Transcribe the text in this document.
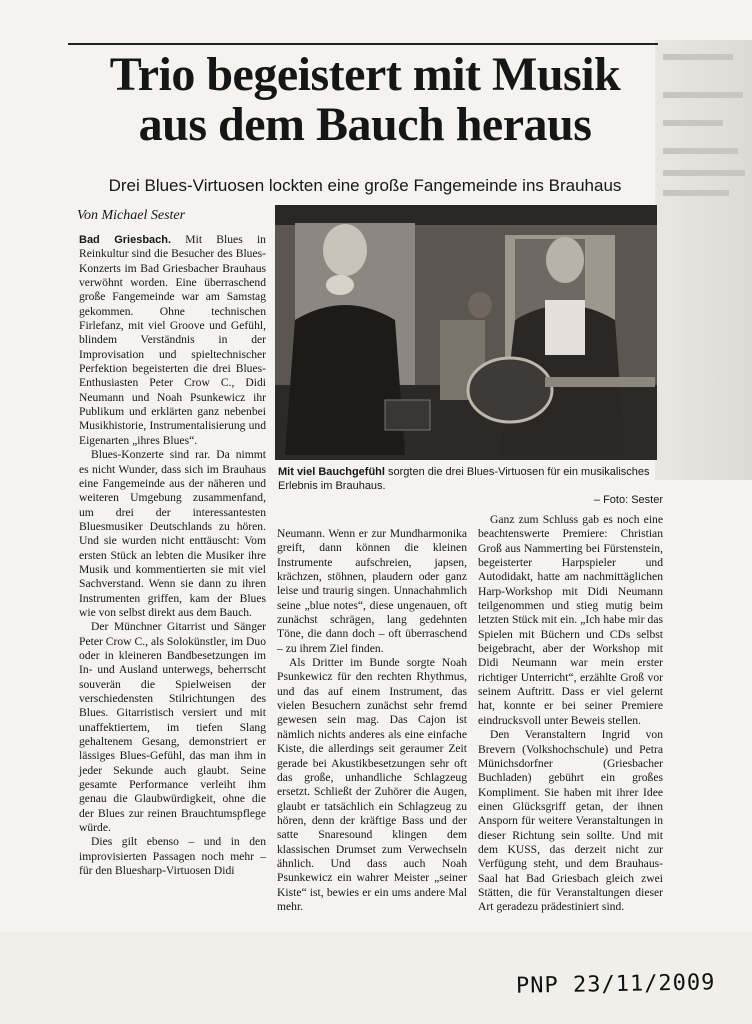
Trio begeistert mit Musik
aus dem Bauch heraus

Drei Blues-Virtuosen lockten eine große Fangemeinde ins Brauhaus

Von Michael Sester

Bad Griesbach. Mit Blues in Reinkultur sind die Besucher des Blues-Konzerts im Bad Griesbacher Brauhaus verwöhnt worden. Eine überraschend große Fangemeinde war am Samstag gekommen. Ohne technischen Firlefanz, mit viel Groove und Gefühl, blindem Verständnis in der Improvisation und spieltechnischer Perfektion begeisterten die drei Blues-Enthusiasten Peter Crow C., Didi Neumann und Noah Psunkewicz ihr Publikum und erklärten ganz nebenbei Musikhistorie, Instrumentalisierung und Eigenarten „ihres Blues“.

Blues-Konzerte sind rar. Da nimmt es nicht Wunder, dass sich im Brauhaus eine Fangemeinde aus der näheren und weiteren Umgebung zusammenfand, um drei der interessantesten Bluesmusiker Deutschlands zu hören. Und sie wurden nicht enttäuscht: Vom ersten Stück an lebten die Musiker ihre Musik und kommentierten sie mit viel Sachverstand. Wenn sie dann zu ihren Instrumenten griffen, kam der Blues wie von selbst direkt aus dem Bauch.

Der Münchner Gitarrist und Sänger Peter Crow C., als Solokünstler, im Duo oder in kleineren Bandbesetzungen im In- und Ausland unterwegs, beherrscht souverän die Spielweisen der verschiedensten Stilrichtungen des Blues. Gitarristisch versiert und mit unaffektiertem, im tiefen Slang gehaltenem Gesang, demonstriert er lässiges Blues-Gefühl, das man ihm in jeder Sekunde auch glaubt. Seine gesamte Performance verleiht ihm genau die Glaubwürdigkeit, ohne die der Blues zur reinen Brauchtumspflege würde.

Dies gilt ebenso – und in den improvisierten Passagen noch mehr – für den Bluesharp-Virtuosen Didi

Mit viel Bauchgefühl sorgten die drei Blues-Virtuosen für ein musikalisches Erlebnis im Brauhaus.
– Foto: Sester

Neumann. Wenn er zur Mundharmonika greift, dann können die kleinen Instrumente aufschreien, japsen, krächzen, stöhnen, plaudern oder ganz leise und traurig singen. Unnachahmlich seine „blue notes“, diese ungenauen, oft zunächst schrägen, lang gedehnten Töne, die dann doch – oft überraschend – zu ihrem Ziel finden.

Als Dritter im Bunde sorgte Noah Psunkewicz für den rechten Rhythmus, und das auf einem Instrument, das vielen Besuchern zunächst sehr fremd gewesen sein mag. Das Cajon ist nämlich nichts anderes als eine einfache Kiste, die allerdings seit geraumer Zeit gerade bei Akustikbesetzungen sehr oft das große, unhandliche Schlagzeug ersetzt. Schließt der Zuhörer die Augen, glaubt er tatsächlich ein Schlagzeug zu hören, denn der kräftige Bass und der satte Snaresound klingen dem klassischen Drumset zum Verwechseln ähnlich. Und dass auch Noah Psunkewicz ein wahrer Meister „seiner Kiste“ ist, bewies er ein ums andere Mal mehr.

Ganz zum Schluss gab es noch eine beachtenswerte Premiere: Christian Groß aus Nammerting bei Fürstenstein, begeisterter Harpspieler und Autodidakt, hatte am nachmittäglichen Harp-Workshop mit Didi Neumann teilgenommen und stieg mutig beim letzten Stück mit ein. „Ich habe mir das Spielen mit Büchern und CDs selbst beigebracht, aber der Workshop mit Didi Neumann war mein erster richtiger Unterricht“, erzählte Groß vor seinem Auftritt. Dass er viel gelernt hat, konnte er bei seiner Premiere eindrucksvoll unter Beweis stellen.

Den Veranstaltern Ingrid von Brevern (Volkshochschule) und Petra Münichsdorfner (Griesbacher Buchladen) gebührt ein großes Kompliment. Sie haben mit ihrer Idee einen Glücksgriff getan, der ihnen Ansporn für weitere Veranstaltungen in dieser Richtung sein sollte. Und mit dem KUSS, das derzeit nicht zur Verfügung steht, und dem Brauhaus-Saal hat Bad Griesbach gleich zwei Stätten, die für Veranstaltungen dieser Art geradezu prädestiniert sind.

PNP 23/11/2009
